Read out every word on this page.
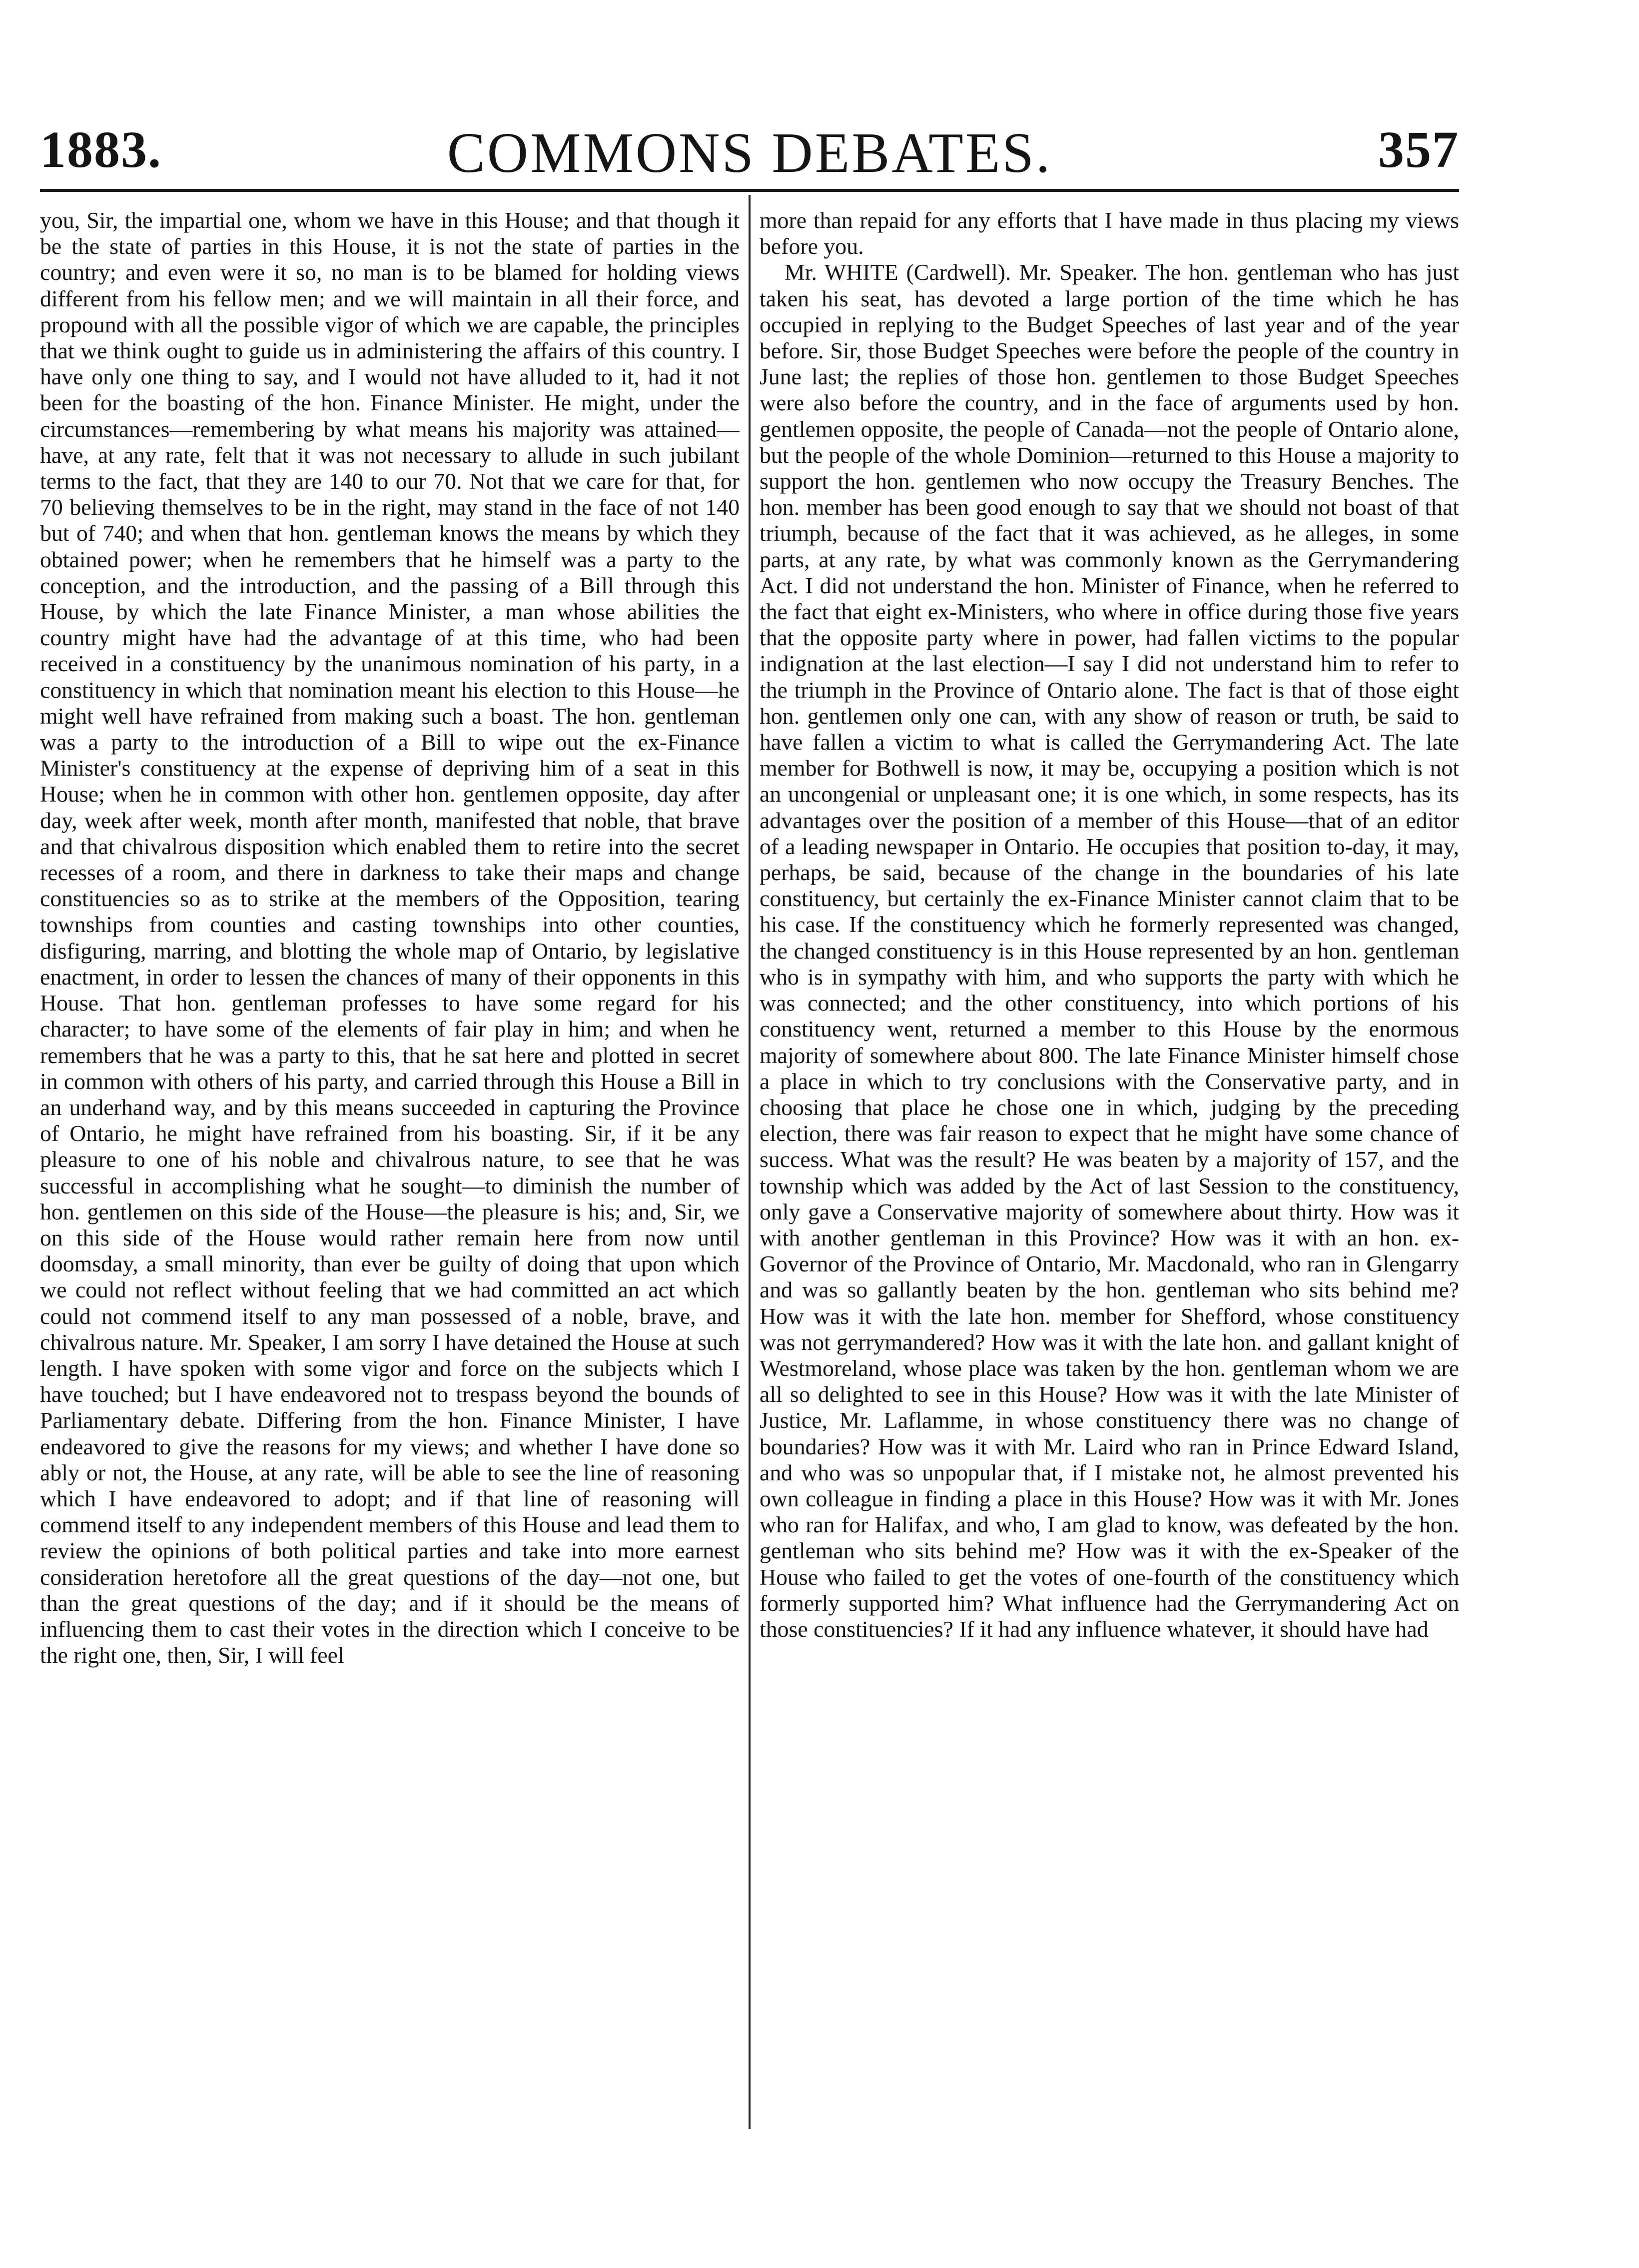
1883.	COMMONS DEBATES.	357

you, Sir, the impartial one, whom we have in this House; and that though it be the state of parties in this House, it is not the state of parties in the country; and even were it so, no man is to be blamed for holding views different from his fellow men; and we will maintain in all their force, and propound with all the possible vigor of which we are capable, the principles that we think ought to guide us in administering the affairs of this country. I have only one thing to say, and I would not have alluded to it, had it not been for the boasting of the hon. Finance Minister. He might, under the circumstances—remembering by what means his majority was attained—have, at any rate, felt that it was not necessary to allude in such jubilant terms to the fact, that they are 140 to our 70. Not that we care for that, for 70 believing themselves to be in the right, may stand in the face of not 140 but of 740; and when that hon. gentleman knows the means by which they obtained power; when he remembers that he himself was a party to the conception, and the introduction, and the passing of a Bill through this House, by which the late Finance Minister, a man whose abilities the country might have had the advantage of at this time, who had been received in a constituency by the unanimous nomination of his party, in a constituency in which that nomination meant his election to this House—he might well have refrained from making such a boast. The hon. gentleman was a party to the introduction of a Bill to wipe out the ex-Finance Minister's constituency at the expense of depriving him of a seat in this House; when he in common with other hon. gentlemen opposite, day after day, week after week, month after month, manifested that noble, that brave and that chivalrous disposition which enabled them to retire into the secret recesses of a room, and there in darkness to take their maps and change constituencies so as to strike at the members of the Opposition, tearing townships from counties and casting townships into other counties, disfiguring, marring, and blotting the whole map of Ontario, by legislative enactment, in order to lessen the chances of many of their opponents in this House. That hon. gentleman professes to have some regard for his character; to have some of the elements of fair play in him; and when he remembers that he was a party to this, that he sat here and plotted in secret in common with others of his party, and carried through this House a Bill in an underhand way, and by this means succeeded in capturing the Province of Ontario, he might have refrained from his boasting. Sir, if it be any pleasure to one of his noble and chivalrous nature, to see that he was successful in accomplishing what he sought—to diminish the number of hon. gentlemen on this side of the House—the pleasure is his; and, Sir, we on this side of the House would rather remain here from now until doomsday, a small minority, than ever be guilty of doing that upon which we could not reflect without feeling that we had committed an act which could not commend itself to any man possessed of a noble, brave, and chivalrous nature. Mr. Speaker, I am sorry I have detained the House at such length. I have spoken with some vigor and force on the subjects which I have touched; but I have endeavored not to trespass beyond the bounds of Parliamentary debate. Differing from the hon. Finance Minister, I have endeavored to give the reasons for my views; and whether I have done so ably or not, the House, at any rate, will be able to see the line of reasoning which I have endeavored to adopt; and if that line of reasoning will commend itself to any independent members of this House and lead them to review the opinions of both political parties and take into more earnest consideration heretofore all the great questions of the day—not one, but than the great questions of the day; and if it should be the means of influencing them to cast their votes in the direction which I conceive to be the right one, then, Sir, I will feel

more than repaid for any efforts that I have made in thus placing my views before you.

Mr. WHITE (Cardwell). Mr. Speaker. The hon. gentleman who has just taken his seat, has devoted a large portion of the time which he has occupied in replying to the Budget Speeches of last year and of the year before. Sir, those Budget Speeches were before the people of the country in June last; the replies of those hon. gentlemen to those Budget Speeches were also before the country, and in the face of arguments used by hon. gentlemen opposite, the people of Canada—not the people of Ontario alone, but the people of the whole Dominion—returned to this House a majority to support the hon. gentlemen who now occupy the Treasury Benches. The hon. member has been good enough to say that we should not boast of that triumph, because of the fact that it was achieved, as he alleges, in some parts, at any rate, by what was commonly known as the Gerrymandering Act. I did not understand the hon. Minister of Finance, when he referred to the fact that eight ex-Ministers, who where in office during those five years that the opposite party where in power, had fallen victims to the popular indignation at the last election—I say I did not understand him to refer to the triumph in the Province of Ontario alone. The fact is that of those eight hon. gentlemen only one can, with any show of reason or truth, be said to have fallen a victim to what is called the Gerrymandering Act. The late member for Bothwell is now, it may be, occupying a position which is not an uncongenial or unpleasant one; it is one which, in some respects, has its advantages over the position of a member of this House—that of an editor of a leading newspaper in Ontario. He occupies that position to-day, it may, perhaps, be said, because of the change in the boundaries of his late constituency, but certainly the ex-Finance Minister cannot claim that to be his case. If the constituency which he formerly represented was changed, the changed constituency is in this House represented by an hon. gentleman who is in sympathy with him, and who supports the party with which he was connected; and the other constituency, into which portions of his constituency went, returned a member to this House by the enormous majority of somewhere about 800. The late Finance Minister himself chose a place in which to try conclusions with the Conservative party, and in choosing that place he chose one in which, judging by the preceding election, there was fair reason to expect that he might have some chance of success. What was the result? He was beaten by a majority of 157, and the township which was added by the Act of last Session to the constituency, only gave a Conservative majority of somewhere about thirty. How was it with another gentleman in this Province? How was it with an hon. ex-Governor of the Province of Ontario, Mr. Macdonald, who ran in Glengarry and was so gallantly beaten by the hon. gentleman who sits behind me? How was it with the late hon. member for Shefford, whose constituency was not gerrymandered? How was it with the late hon. and gallant knight of Westmoreland, whose place was taken by the hon. gentleman whom we are all so delighted to see in this House? How was it with the late Minister of Justice, Mr. Laflamme, in whose constituency there was no change of boundaries? How was it with Mr. Laird who ran in Prince Edward Island, and who was so unpopular that, if I mistake not, he almost prevented his own colleague in finding a place in this House? How was it with Mr. Jones who ran for Halifax, and who, I am glad to know, was defeated by the hon. gentleman who sits behind me? How was it with the ex-Speaker of the House who failed to get the votes of one-fourth of the constituency which formerly supported him? What influence had the Gerrymandering Act on those constituencies? If it had any influence whatever, it should have had
